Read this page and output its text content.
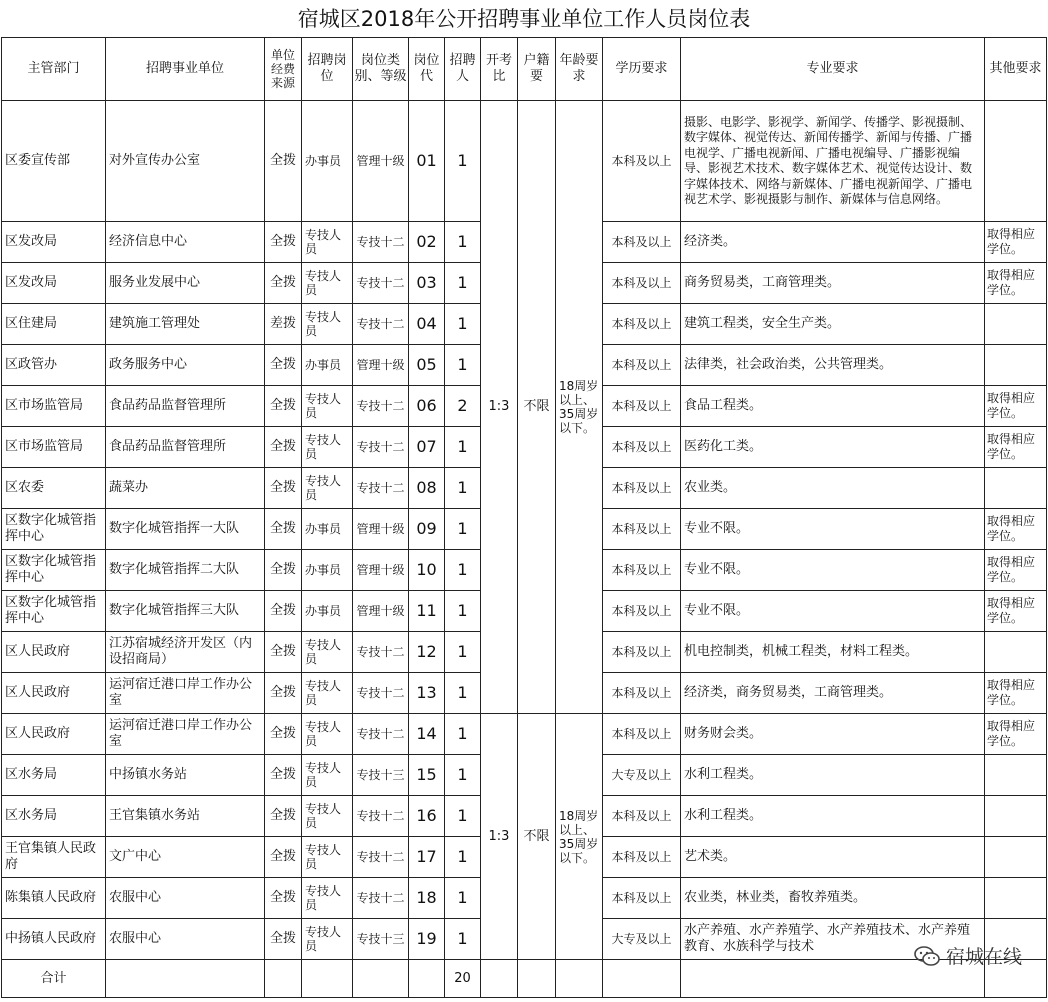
宿城区2018年公开招聘事业单位工作人员岗位表
主管部门	招聘事业单位	单位经费来源	招聘岗位	岗位类别、等级	岗位代	招聘人	开考比	户籍要	年龄要求	学历要求	专业要求	其他要求
区委宣传部	对外宣传办公室	全拨	办事员	管理十级	01	1	1:3	不限	18周岁以上、35周岁以下。	本科及以上	摄影、电影学、影视学、新闻学、传播学、影视摄制、数字媒体、视觉传达、新闻传播学、新闻与传播、广播电视学、广播电视新闻、广播电视编导、广播影视编导、影视艺术技术、数字媒体艺术、视觉传达设计、数字媒体技术、网络与新媒体、广播电视新闻学、广播电视艺术学、影视摄影与制作、新媒体与信息网络。	
区发改局	经济信息中心	全拨	专技人员	专技十二	02	1				本科及以上	经济类。	取得相应学位。
区发改局	服务业发展中心	全拨	专技人员	专技十二	03	1				本科及以上	商务贸易类，工商管理类。	取得相应学位。
区住建局	建筑施工管理处	差拨	专技人员	专技十二	04	1				本科及以上	建筑工程类，安全生产类。	
区政管办	政务服务中心	全拨	办事员	管理十级	05	1				本科及以上	法律类，社会政治类，公共管理类。	
区市场监管局	食品药品监督管理所	全拨	专技人员	专技十二	06	2				本科及以上	食品工程类。	取得相应学位。
区市场监管局	食品药品监督管理所	全拨	专技人员	专技十二	07	1				本科及以上	医药化工类。	取得相应学位。
区农委	蔬菜办	全拨	专技人员	专技十二	08	1				本科及以上	农业类。	
区数字化城管指挥中心	数字化城管指挥一大队	全拨	办事员	管理十级	09	1				本科及以上	专业不限。	取得相应学位。
区数字化城管指挥中心	数字化城管指挥二大队	全拨	办事员	管理十级	10	1				本科及以上	专业不限。	取得相应学位。
区数字化城管指挥中心	数字化城管指挥三大队	全拨	办事员	管理十级	11	1				本科及以上	专业不限。	取得相应学位。
区人民政府	江苏宿城经济开发区（内设招商局）	全拨	专技人员	专技十二	12	1				本科及以上	机电控制类，机械工程类，材料工程类。	
区人民政府	运河宿迁港口岸工作办公室	全拨	专技人员	专技十二	13	1				本科及以上	经济类，商务贸易类，工商管理类。	取得相应学位。
区人民政府	运河宿迁港口岸工作办公室	全拨	专技人员	专技十二	14	1	1:3	不限	18周岁以上、35周岁以下。	本科及以上	财务财会类。	取得相应学位。
区水务局	中扬镇水务站	全拨	专技人员	专技十三	15	1				大专及以上	水利工程类。	
区水务局	王官集镇水务站	全拨	专技人员	专技十二	16	1				本科及以上	水利工程类。	
王官集镇人民政府	文广中心	全拨	专技人员	专技十二	17	1				本科及以上	艺术类。	
陈集镇人民政府	农服中心	全拨	专技人员	专技十二	18	1				本科及以上	农业类，林业类，畜牧养殖类。	
中扬镇人民政府	农服中心	全拨	专技人员	专技十三	19	1				大专及以上	水产养殖、水产养殖学、水产养殖技术、水产养殖教育、水族科学与技术	
合计						20						
宿城在线
